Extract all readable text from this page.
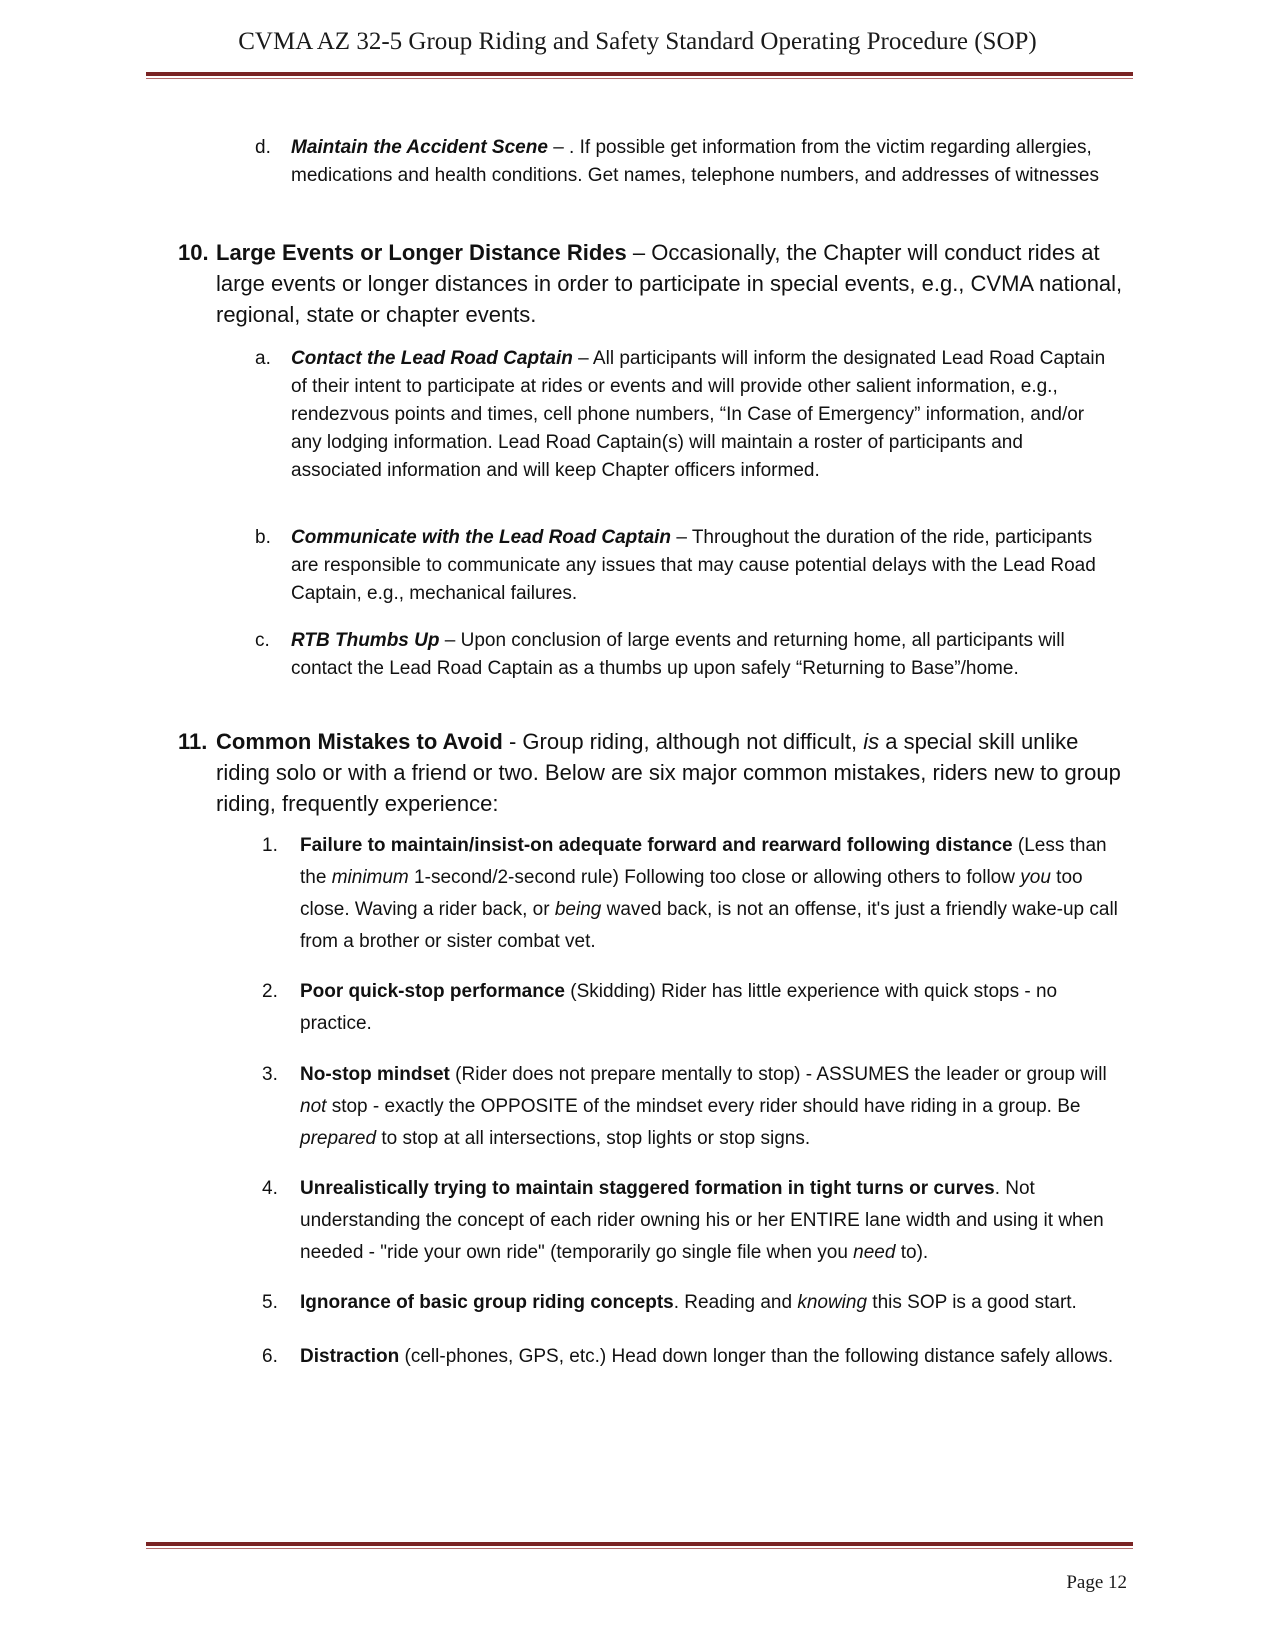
CVMA AZ 32-5 Group Riding and Safety Standard Operating Procedure (SOP)
d. Maintain the Accident Scene – . If possible get information from the victim regarding allergies, medications and health conditions. Get names, telephone numbers, and addresses of witnesses
10. Large Events or Longer Distance Rides – Occasionally, the Chapter will conduct rides at large events or longer distances in order to participate in special events, e.g., CVMA national, regional, state or chapter events.
a. Contact the Lead Road Captain – All participants will inform the designated Lead Road Captain of their intent to participate at rides or events and will provide other salient information, e.g., rendezvous points and times, cell phone numbers, “In Case of Emergency” information, and/or any lodging information. Lead Road Captain(s) will maintain a roster of participants and associated information and will keep Chapter officers informed.
b. Communicate with the Lead Road Captain – Throughout the duration of the ride, participants are responsible to communicate any issues that may cause potential delays with the Lead Road Captain, e.g., mechanical failures.
c. RTB Thumbs Up – Upon conclusion of large events and returning home, all participants will contact the Lead Road Captain as a thumbs up upon safely “Returning to Base”/home.
11. Common Mistakes to Avoid - Group riding, although not difficult, is a special skill unlike riding solo or with a friend or two. Below are six major common mistakes, riders new to group riding, frequently experience:
1. Failure to maintain/insist-on adequate forward and rearward following distance (Less than the minimum 1-second/2-second rule) Following too close or allowing others to follow you too close. Waving a rider back, or being waved back, is not an offense, it's just a friendly wake-up call from a brother or sister combat vet.
2. Poor quick-stop performance (Skidding) Rider has little experience with quick stops - no practice.
3. No-stop mindset (Rider does not prepare mentally to stop) - ASSUMES the leader or group will not stop - exactly the OPPOSITE of the mindset every rider should have riding in a group. Be prepared to stop at all intersections, stop lights or stop signs.
4. Unrealistically trying to maintain staggered formation in tight turns or curves. Not understanding the concept of each rider owning his or her ENTIRE lane width and using it when needed - "ride your own ride" (temporarily go single file when you need to).
5. Ignorance of basic group riding concepts. Reading and knowing this SOP is a good start.
6. Distraction (cell-phones, GPS, etc.) Head down longer than the following distance safely allows.
Page 12
